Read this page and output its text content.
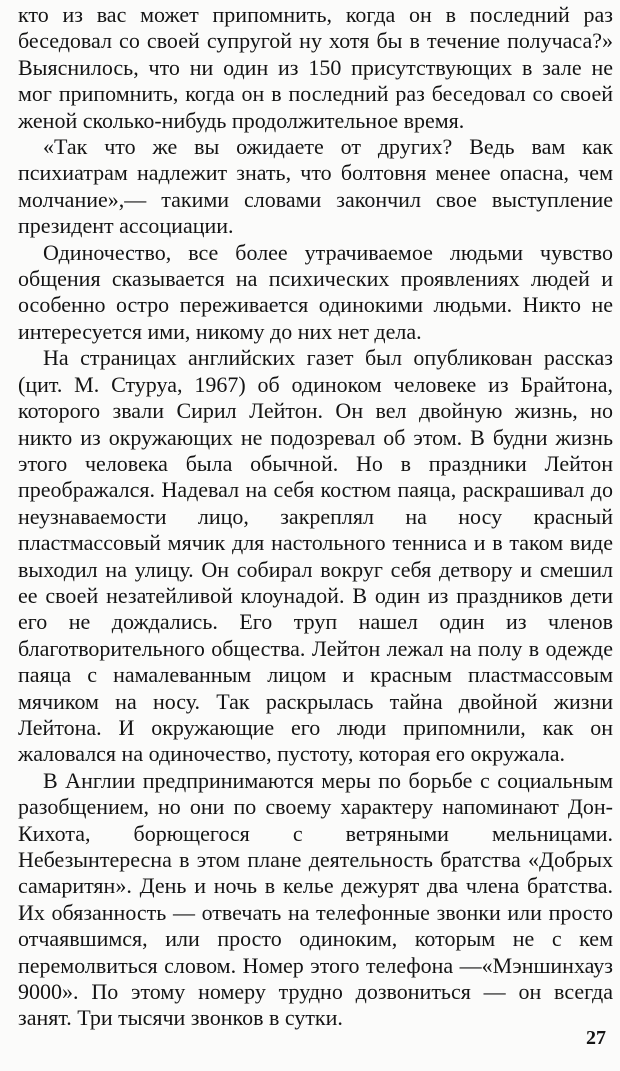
кто из вас может припомнить, когда он в последний раз беседовал со своей супругой ну хотя бы в течение получаса?» Выяснилось, что ни один из 150 присутствующих в зале не мог припомнить, когда он в последний раз беседовал со своей женой сколько-нибудь продолжительное время.

«Так что же вы ожидаете от других? Ведь вам как психиатрам надлежит знать, что болтовня менее опасна, чем молчание»,— такими словами закончил свое выступление президент ассоциации.

Одиночество, все более утрачиваемое людьми чувство общения сказывается на психических проявлениях людей и особенно остро переживается одинокими людьми. Никто не интересуется ими, никому до них нет дела.

На страницах английских газет был опубликован рассказ (цит. М. Стуруа, 1967) об одиноком человеке из Брайтона, которого звали Сирил Лейтон. Он вел двойную жизнь, но никто из окружающих не подозревал об этом. В будни жизнь этого человека была обычной. Но в праздники Лейтон преображался. Надевал на себя костюм паяца, раскрашивал до неузнаваемости лицо, закреплял на носу красный пластмассовый мячик для настольного тенниса и в таком виде выходил на улицу. Он собирал вокруг себя детвору и смешил ее своей незатейливой клоунадой. В один из праздников дети его не дождались. Его труп нашел один из членов благотворительного общества. Лейтон лежал на полу в одежде паяца с намалеванным лицом и красным пластмассовым мячиком на носу. Так раскрылась тайна двойной жизни Лейтона. И окружающие его люди припомнили, как он жаловался на одиночество, пустоту, которая его окружала.

В Англии предпринимаются меры по борьбе с социальным разобщением, но они по своему характеру напоминают Дон-Кихота, борющегося с ветряными мельницами. Небезынтересна в этом плане деятельность братства «Добрых самаритян». День и ночь в келье дежурят два члена братства. Их обязанность — отвечать на телефонные звонки или просто отчаявшимся, или просто одиноким, которым не с кем перемолвиться словом. Номер этого телефона —«Мэншинхауз 9000». По этому номеру трудно дозвониться — он всегда занят. Три тысячи звонков в сутки.

27
